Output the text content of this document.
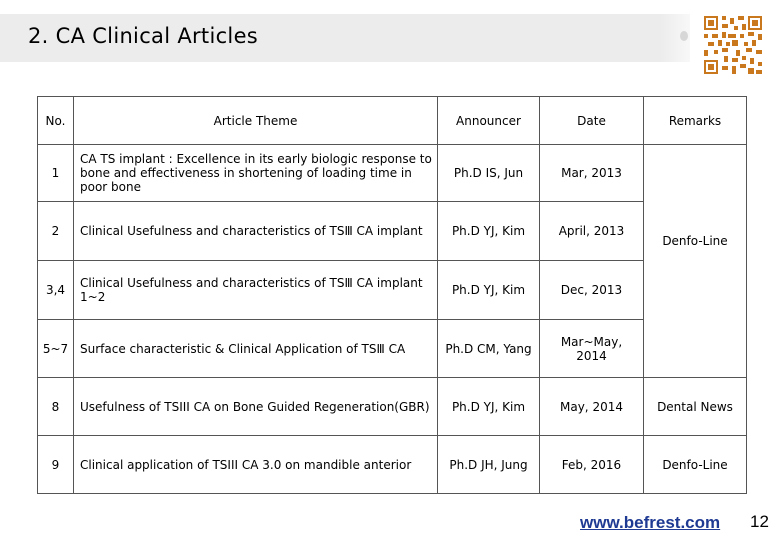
2. CA Clinical Articles
No.	Article Theme	Announcer	Date	Remarks
1	CA TS implant : Excellence in its early biologic response to bone and effectiveness in shortening of loading time in poor bone	Ph.D IS, Jun	Mar, 2013	Denfo-Line
2	Clinical Usefulness and characteristics of TSⅢ CA implant	Ph.D YJ, Kim	April, 2013	
3,4	Clinical Usefulness and characteristics of TSⅢ CA implant 1~2	Ph.D YJ, Kim	Dec, 2013	
5~7	Surface characteristic & Clinical Application of TSⅢ CA	Ph.D CM, Yang	Mar~May, 2014	
8	Usefulness of TSIII CA on Bone Guided Regeneration(GBR)	Ph.D YJ, Kim	May, 2014	Dental News
9	Clinical application of TSIII CA 3.0 on mandible anterior	Ph.D JH, Jung	Feb, 2016	Denfo-Line
www.befrest.com 12
